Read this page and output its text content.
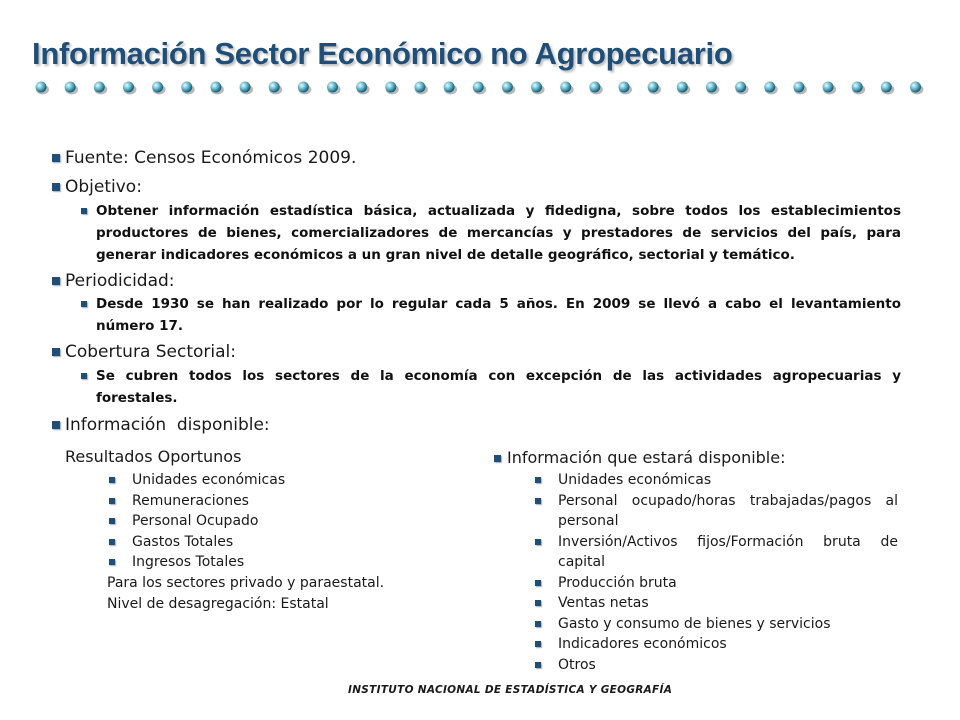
Información Sector Económico no Agropecuario
Fuente: Censos Económicos 2009.
Objetivo:
Obtener información estadística básica, actualizada y fidedigna, sobre todos los establecimientos productores de bienes, comercializadores de mercancías y prestadores de servicios del país, para generar indicadores económicos a un gran nivel de detalle geográfico, sectorial y temático.
Periodicidad:
Desde 1930 se han realizado por lo regular cada 5 años. En 2009 se llevó a cabo el levantamiento número 17.
Cobertura Sectorial:
Se cubren todos los sectores de la economía con excepción de las actividades agropecuarias y forestales.
Información  disponible:
Resultados Oportunos
Unidades económicas
Remuneraciones
Personal Ocupado
Gastos Totales
Ingresos Totales
Para los sectores privado y paraestatal.
Nivel de desagregación: Estatal
Información que estará disponible:
Unidades económicas
Personal ocupado/horas trabajadas/pagos al personal
Inversión/Activos fijos/Formación bruta de capital
Producción bruta
Ventas netas
Gasto y consumo de bienes y servicios
Indicadores económicos
Otros
INSTITUTO NACIONAL DE ESTADÍSTICA Y GEOGRAFÍA
